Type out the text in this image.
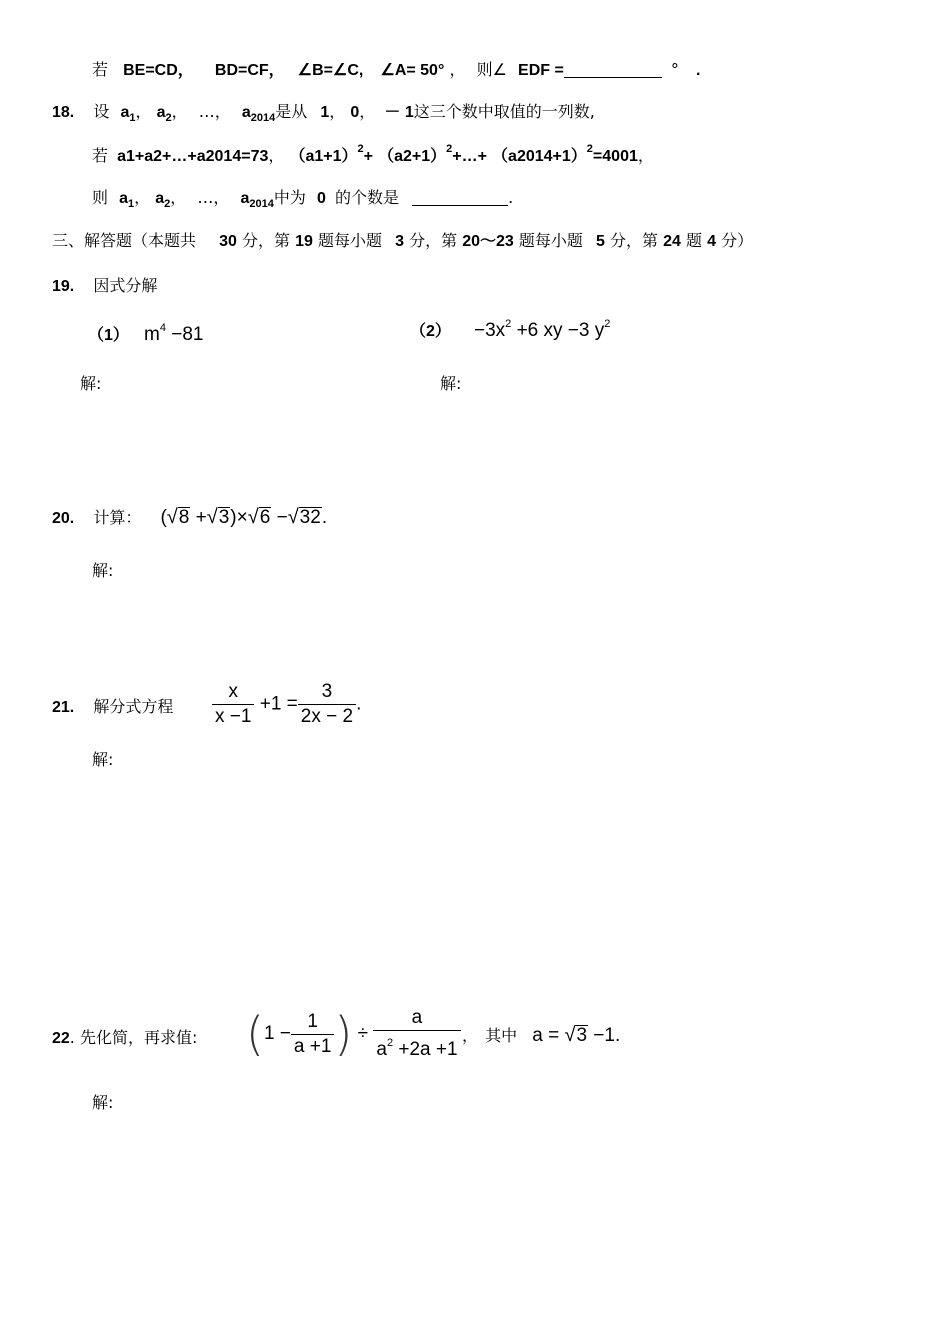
若 BE=CD， BD=CF， ∠B=∠C, ∠A= 50° ， 则∠ EDF =	° .
18. 设 $a_1$， $a_2$， …， $a_{2014}$是从 1， 0， － 1这三个数中取值的一列数,
若 a1+a2+…+a2014=73， $(a1+1)^2+$ $(a2+1)^2+\dots+ (a2014+1)^2=4001$，
则 $a_1$， $a_2$， …， $a_{2014}$中为 0 的个数是	.
三、解答题（本题共 30 分，第 19 题每小题 3 分，第 20～23 题每小题 5 分，第 24 题 4 分）
19. 因式分解
（1） $m^4 -81$	$(2) -3x^2 +6$ xy −3 $y^2$
解:	解:
20. 计算： (√8 +√3)×√6 −√32.
解:
21. 解分式方程 $\frac{x}{x -1} +1 = \frac{3}{2x - 2}$ .
解:
22. 先化简，再求值: ($1 - \frac{1}{a +1}$ ) ÷ $\frac{a}{a^2 +2a +1}$ ， 其中 a = √3 −1.
解:
